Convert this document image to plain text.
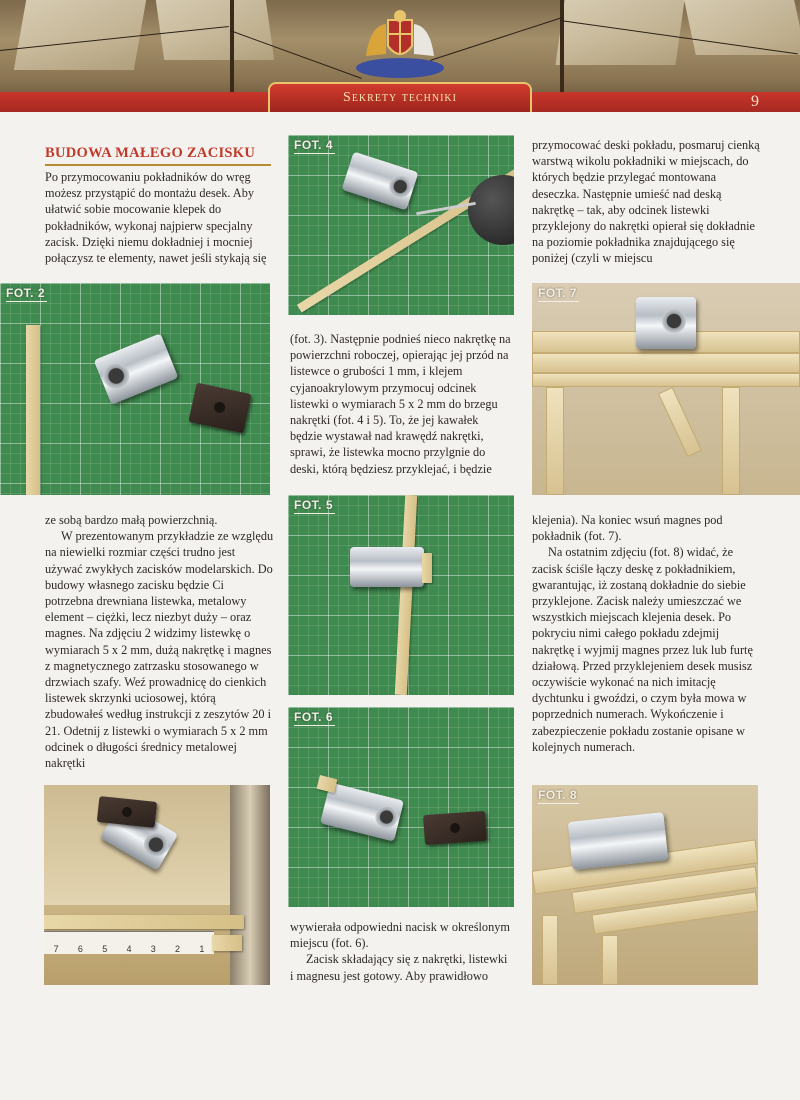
Sekrety techniki	9
BUDOWA MAŁEGO ZACISKU

Po przymocowaniu pokładników do wręg możesz przystąpić do montażu desek. Aby ułatwić sobie mocowanie klepek do pokładników, wykonaj najpierw specjalny zacisk. Dzięki niemu dokładniej i mocniej połączysz te elementy, nawet jeśli stykają się

FOT. 2

ze sobą bardzo małą powierzchnią.

W prezentowanym przykładzie ze względu na niewielki rozmiar części trudno jest używać zwykłych zacisków modelarskich. Do budowy własnego zacisku będzie Ci potrzebna drewniana listewka, metalowy element – ciężki, lecz niezbyt duży – oraz magnes. Na zdjęciu 2 widzimy listewkę o wymiarach 5 x 2 mm, dużą nakrętkę i magnes z magnetycznego zatrzasku stosowanego w drzwiach szafy. Weź prowadnicę do cienkich listewek skrzynki uciosowej, którą zbudowałeś według instrukcji z zeszytów 20 i 21. Odetnij z listewki o wymiarach 5 x 2 mm odcinek o długości średnicy metalowej nakrętki

7 6 5 4 3 2 1
FOT. 4

(fot. 3). Następnie podnieś nieco nakrętkę na powierzchni roboczej, opierając jej przód na listewce o grubości 1 mm, i klejem cyjanoakrylowym przymocuj odcinek listewki o wymiarach 5 x 2 mm do brzegu nakrętki (fot. 4 i 5). To, że jej kawałek będzie wystawał nad krawędź nakrętki, sprawi, że listewka mocno przylgnie do deski, którą będziesz przyklejać, i będzie

FOT. 5
FOT. 6

wywierała odpowiedni nacisk w określonym miejscu (fot. 6).

Zacisk składający się z nakrętki, listewki i magnesu jest gotowy. Aby prawidłowo

przymocować deski pokładu, posmaruj cienką warstwą wikolu pokładniki w miejscach, do których będzie przylegać montowana deseczka. Następnie umieść nad deską nakrętkę – tak, aby odcinek listewki przyklejony do nakrętki opierał się dokładnie na poziomie pokładnika znajdującego się poniżej (czyli w miejscu

FOT. 7

klejenia). Na koniec wsuń magnes pod pokładnik (fot. 7).

Na ostatnim zdjęciu (fot. 8) widać, że zacisk ściśle łączy deskę z pokładnikiem, gwarantując, iż zostaną dokładnie do siebie przyklejone. Zacisk należy umieszczać we wszystkich miejscach klejenia desek. Po pokryciu nimi całego pokładu zdejmij nakrętkę i wyjmij magnes przez luk lub furtę działową. Przed przyklejeniem desek musisz oczywiście wykonać na nich imitację dychtunku i gwoździ, o czym była mowa w poprzednich numerach. Wykończenie i zabezpieczenie pokładu zostanie opisane w kolejnych numerach.

FOT. 8
